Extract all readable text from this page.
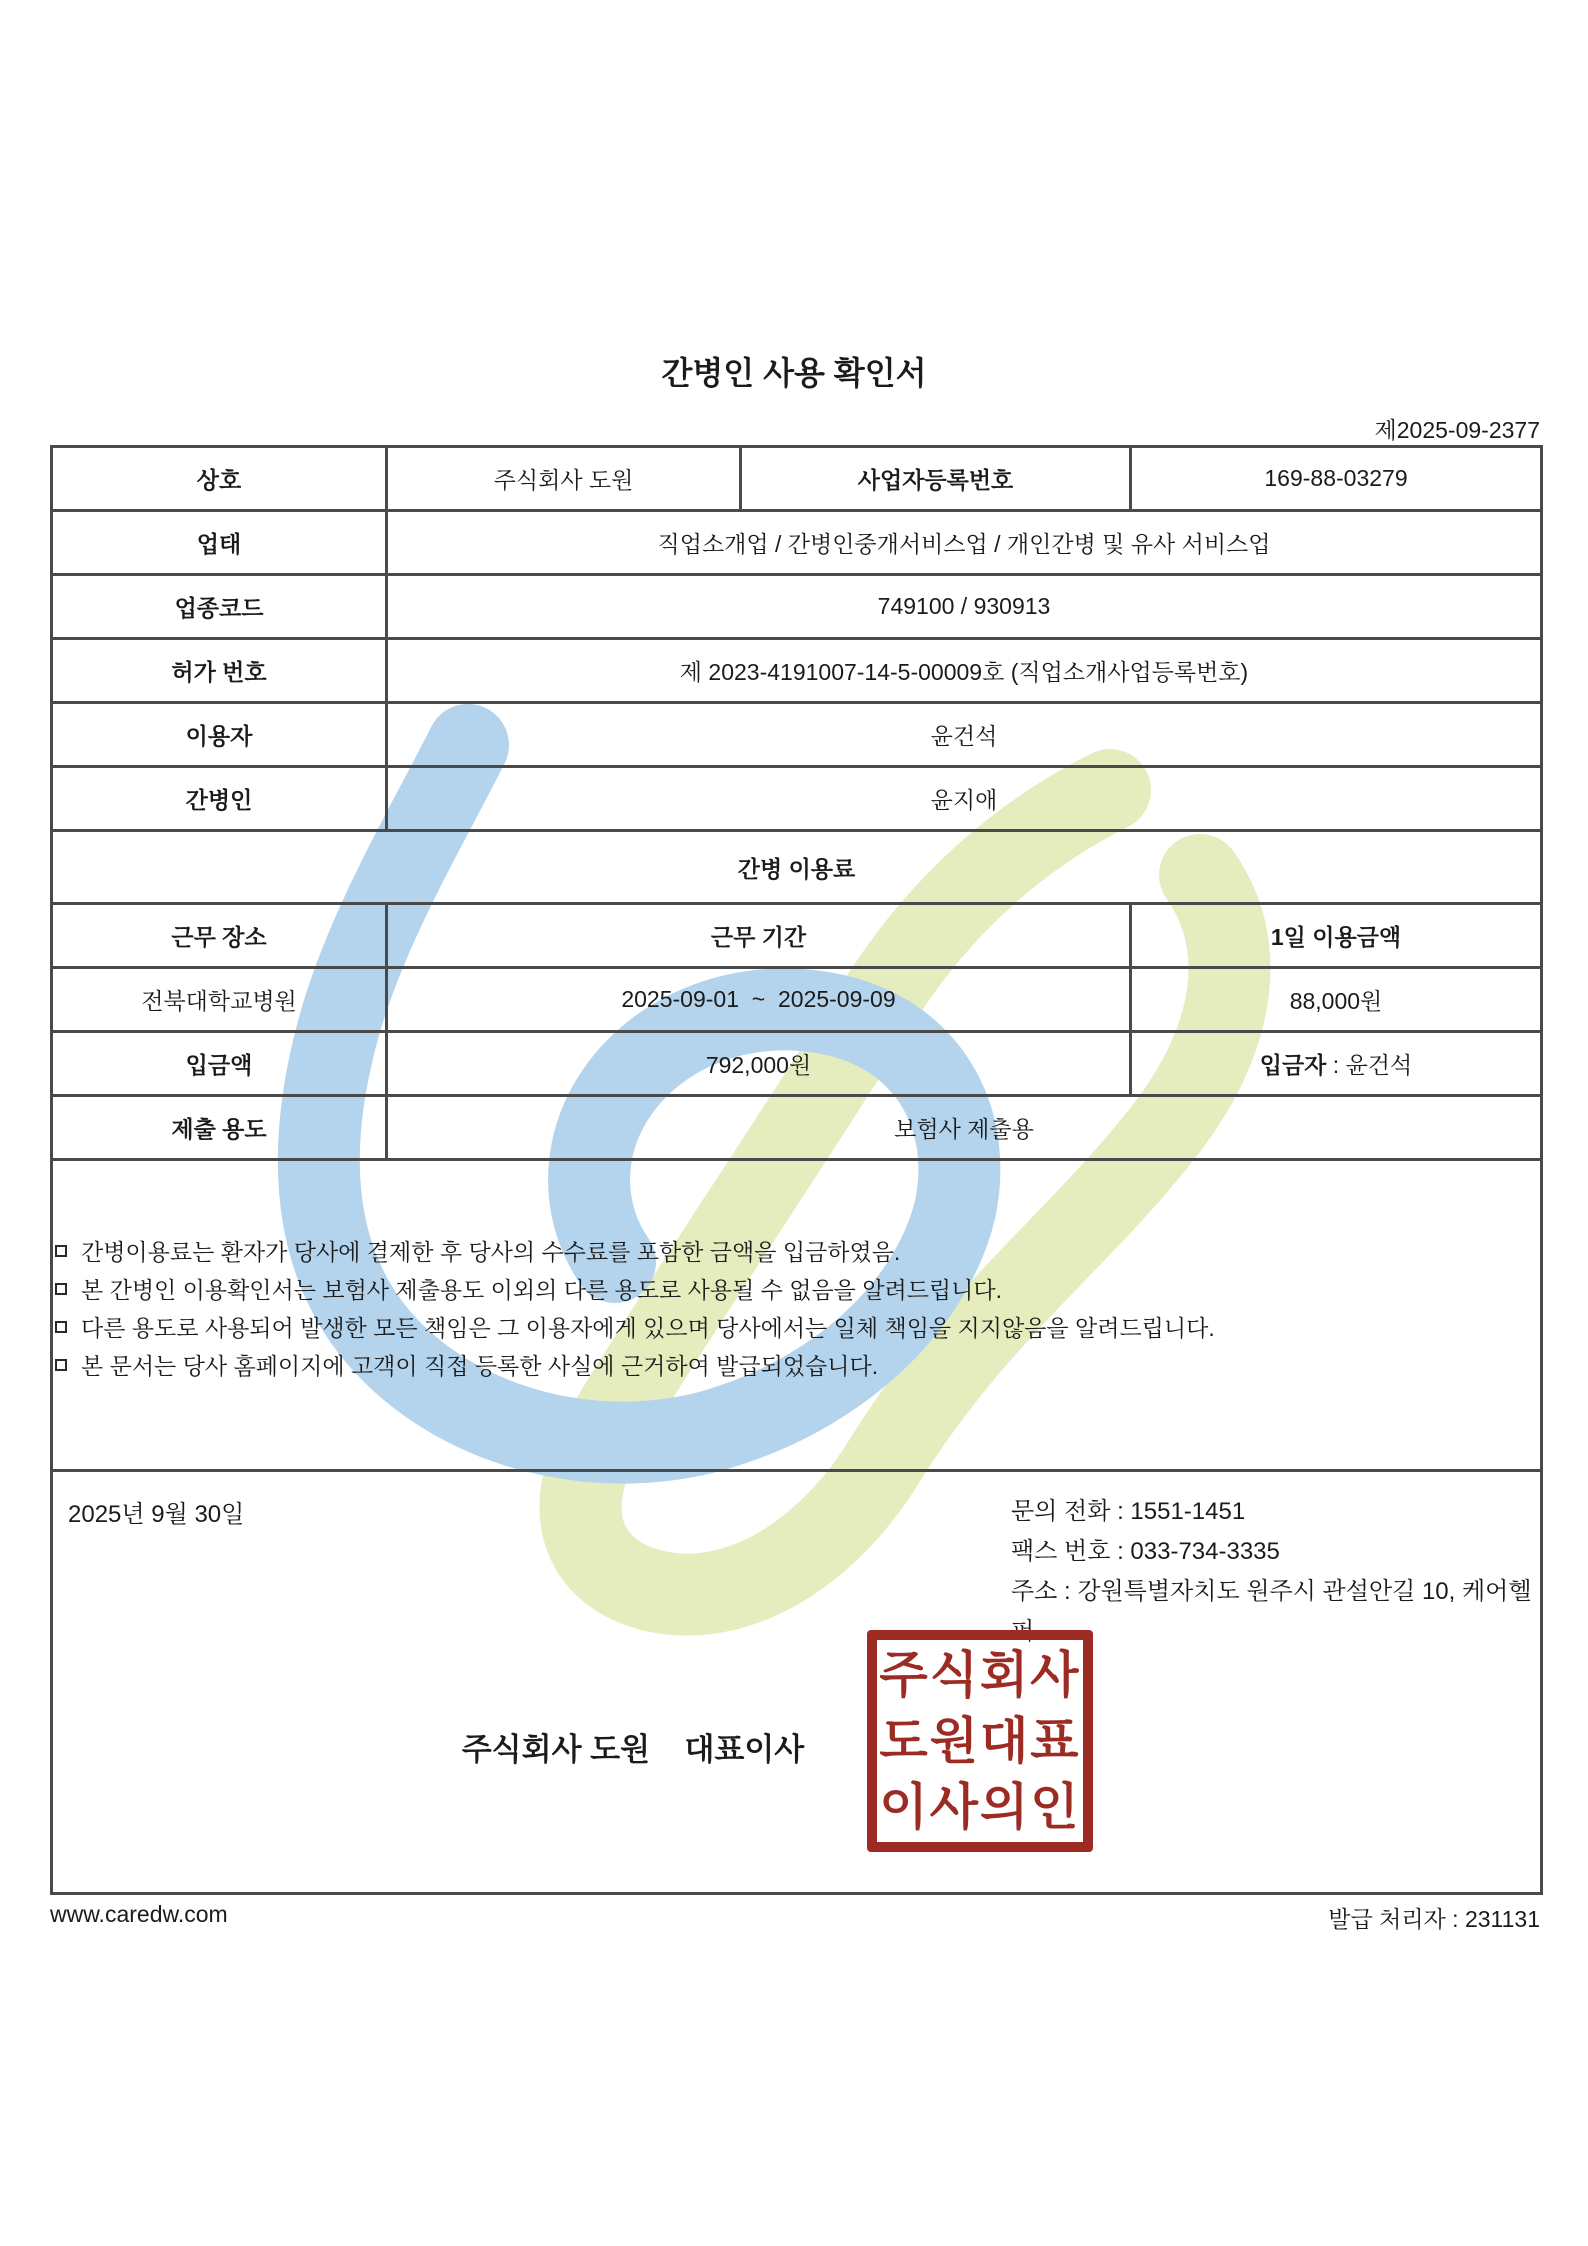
간병인 사용 확인서
제2025-09-2377
상호	주식회사 도원	사업자등록번호	169-88-03279
업태	직업소개업 / 간병인중개서비스업 / 개인간병 및 유사 서비스업		
업종코드	749100 / 930913		
허가 번호	제 2023-4191007-14-5-00009호 (직업소개사업등록번호)		
이용자	윤건석		
간병인	윤지애		
간병 이용료			
근무 장소	근무 기간		1일 이용금액
전북대학교병원	2025-09-01  ~  2025-09-09		88,000원
입금액	792,000원		입금자 : 윤건석
제출 용도	보험사 제출용		

간병이용료는 환자가 당사에 결제한 후 당사의 수수료를 포함한 금액을 입금하였음.
본 간병인 이용확인서는 보험사 제출용도 이외의 다른 용도로 사용될 수 없음을 알려드립니다.
다른 용도로 사용되어 발생한 모든 책임은 그 이용자에게 있으며 당사에서는 일체 책임을 지지않음을 알려드립니다.
본 문서는 당사 홈페이지에 고객이 직접 등록한 사실에 근거하여 발급되었습니다.			

2025년 9월 30일	문의 전화 : 1551-1451
팩스 번호 : 033-734-3335
주소 : 강원특별자치도 원주시 관설안길 10, 케어헬퍼
주식회사 도원    대표이사
주식회사
도원대표
이사의인
www.caredw.com	발급 처리자 : 231131
